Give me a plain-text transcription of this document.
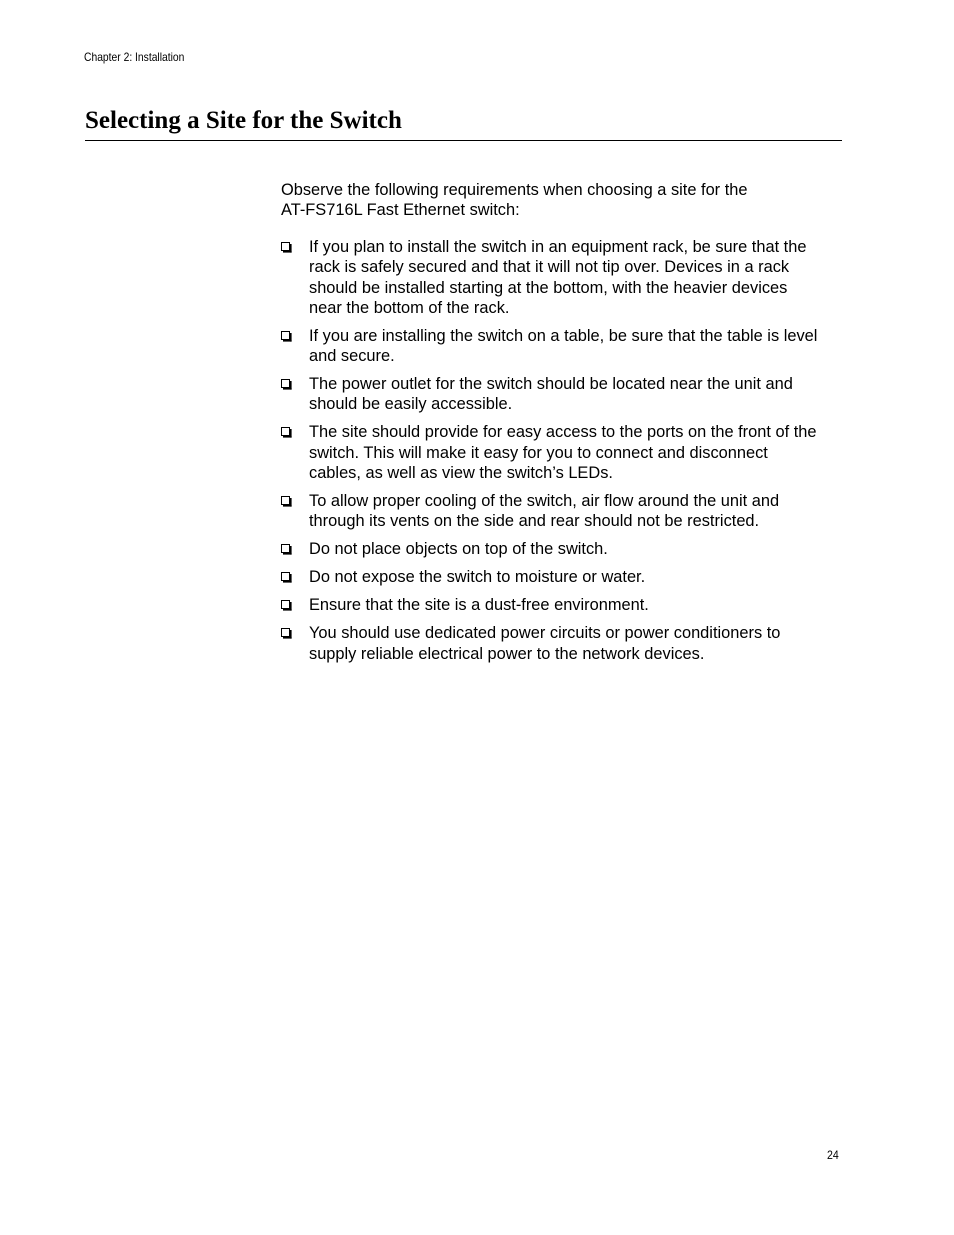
Chapter 2: Installation
Selecting a Site for the Switch

Observe the following requirements when choosing a site for the
AT-FS716L Fast Ethernet switch:

If you plan to install the switch in an equipment rack, be sure that the
rack is safely secured and that it will not tip over. Devices in a rack
should be installed starting at the bottom, with the heavier devices
near the bottom of the rack.
If you are installing the switch on a table, be sure that the table is level
and secure.
The power outlet for the switch should be located near the unit and
should be easily accessible.
The site should provide for easy access to the ports on the front of the
switch. This will make it easy for you to connect and disconnect
cables, as well as view the switch’s LEDs.
To allow proper cooling of the switch, air flow around the unit and
through its vents on the side and rear should not be restricted.
Do not place objects on top of the switch.
Do not expose the switch to moisture or water.
Ensure that the site is a dust-free environment.
You should use dedicated power circuits or power conditioners to
supply reliable electrical power to the network devices.
24
